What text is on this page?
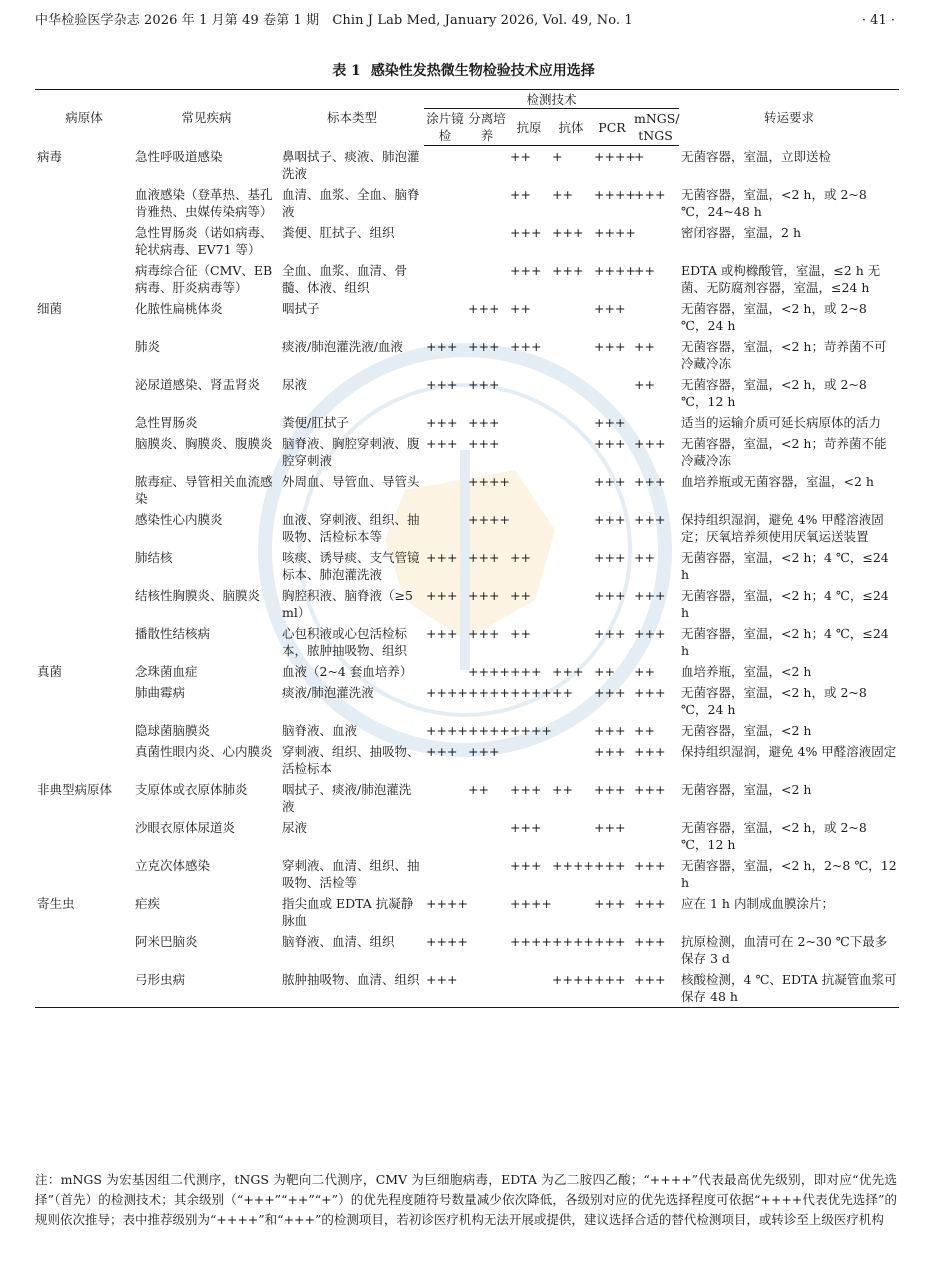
中华检验医学杂志 2026 年 1 月第 49 卷第 1 期　Chin J Lab Med, January 2026, Vol. 49, No. 1	· 41 ·
表 1 感染性发热微生物检验技术应用选择
病原体	常见疾病	标本类型	检测技术						转运要求
			涂片镜检	分离培养	抗原	抗体	PCR	mNGS/ tNGS	
病毒	急性呼吸道感染	鼻咽拭子、痰液、肺泡灌洗液			++	+	++++	+	无菌容器，室温，立即送检
	血液感染（登革热、基孔肯雅热、虫媒传染病等）	血清、血浆、全血、脑脊液			++	++	++++	+++	无菌容器，室温，<2 h，或 2~8 ℃，24~48 h
	急性胃肠炎（诺如病毒、轮状病毒、EV71 等）	粪便、肛拭子、组织			+++	+++	++++		密闭容器，室温，2 h
	病毒综合征（CMV、EB 病毒、肝炎病毒等）	全血、血浆、血清、骨髓、体液、组织			+++	+++	++++	++	EDTA 或枸橼酸管，室温，≤2 h 无菌、无防腐剂容器，室温，≤24 h
细菌	化脓性扁桃体炎	咽拭子		+++	++		+++		无菌容器，室温，<2 h，或 2~8 ℃，24 h
	肺炎	痰液/肺泡灌洗液/血液	+++	+++	+++		+++	++	无菌容器，室温，<2 h；苛养菌不可冷藏冷冻
	泌尿道感染、肾盂肾炎	尿液	+++	+++				++	无菌容器，室温，<2 h，或 2~8 ℃，12 h
	急性胃肠炎	粪便/肛拭子	+++	+++			+++		适当的运输介质可延长病原体的活力
	脑膜炎、胸膜炎、腹膜炎	脑脊液、胸腔穿刺液、腹腔穿刺液	+++	+++			+++	+++	无菌容器，室温，<2 h；苛养菌不能冷藏冷冻
	脓毒症、导管相关血流感染	外周血、导管血、导管头		++++			+++	+++	血培养瓶或无菌容器，室温，<2 h
	感染性心内膜炎	血液、穿刺液、组织、抽吸物、活检标本等		++++			+++	+++	保持组织湿润，避免 4% 甲醛溶液固定；厌氧培养须使用厌氧运送装置
	肺结核	咳痰、诱导痰、支气管镜标本、肺泡灌洗液	+++	+++	++		+++	++	无菌容器，室温，<2 h；4 ℃，≤24 h
	结核性胸膜炎、脑膜炎	胸腔积液、脑脊液（≥5 ml）	+++	+++	++		+++	+++	无菌容器，室温，<2 h；4 ℃，≤24 h
	播散性结核病	心包积液或心包活检标本，脓肿抽吸物、组织	+++	+++	++		+++	+++	无菌容器，室温，<2 h；4 ℃，≤24 h
真菌	念珠菌血症	血液（2~4 套血培养）		++++	+++	+++	++	++	血培养瓶，室温，<2 h
	肺曲霉病	痰液/肺泡灌洗液	++++	++++	++++	++	+++	+++	无菌容器，室温，<2 h，或 2~8 ℃，24 h
	隐球菌脑膜炎	脑脊液、血液	++++	++++	++++		+++	++	无菌容器，室温，<2 h
	真菌性眼内炎、心内膜炎	穿刺液、组织、抽吸物、活检标本	+++	+++			+++	+++	保持组织湿润，避免 4% 甲醛溶液固定
非典型病原体	支原体或衣原体肺炎	咽拭子、痰液/肺泡灌洗液		++	+++	++	+++	+++	无菌容器，室温，<2 h
	沙眼衣原体尿道炎	尿液			+++		+++		无菌容器，室温，<2 h，或 2~8 ℃，12 h
	立克次体感染	穿刺液、血清、组织、抽吸物、活检等			+++	++++	+++	+++	无菌容器，室温，<2 h，2~8 ℃，12 h
寄生虫	疟疾	指尖血或 EDTA 抗凝静脉血	++++		++++		+++	+++	应在 1 h 内制成血膜涂片；
	阿米巴脑炎	脑脊液、血清、组织	++++		++++	++++	+++	+++	抗原检测，血清可在 2~30 ℃下最多保存 3 d
	弓形虫病	脓肿抽吸物、血清、组织	+++			++++	+++	+++	核酸检测，4 ℃、EDTA 抗凝管血浆可保存 48 h
注：mNGS 为宏基因组二代测序，tNGS 为靶向二代测序，CMV 为巨细胞病毒，EDTA 为乙二胺四乙酸；“++++”代表最高优先级别，即对应“优先选择”（首先）的检测技术；其余级别（“+++”“++”“+”）的优先程度随符号数量减少依次降低，各级别对应的优先选择程度可依据“++++代表优先选择”的规则依次推导；表中推荐级别为“++++”和“+++”的检测项目，若初诊医疗机构无法开展或提供，建议选择合适的替代检测项目，或转诊至上级医疗机构
